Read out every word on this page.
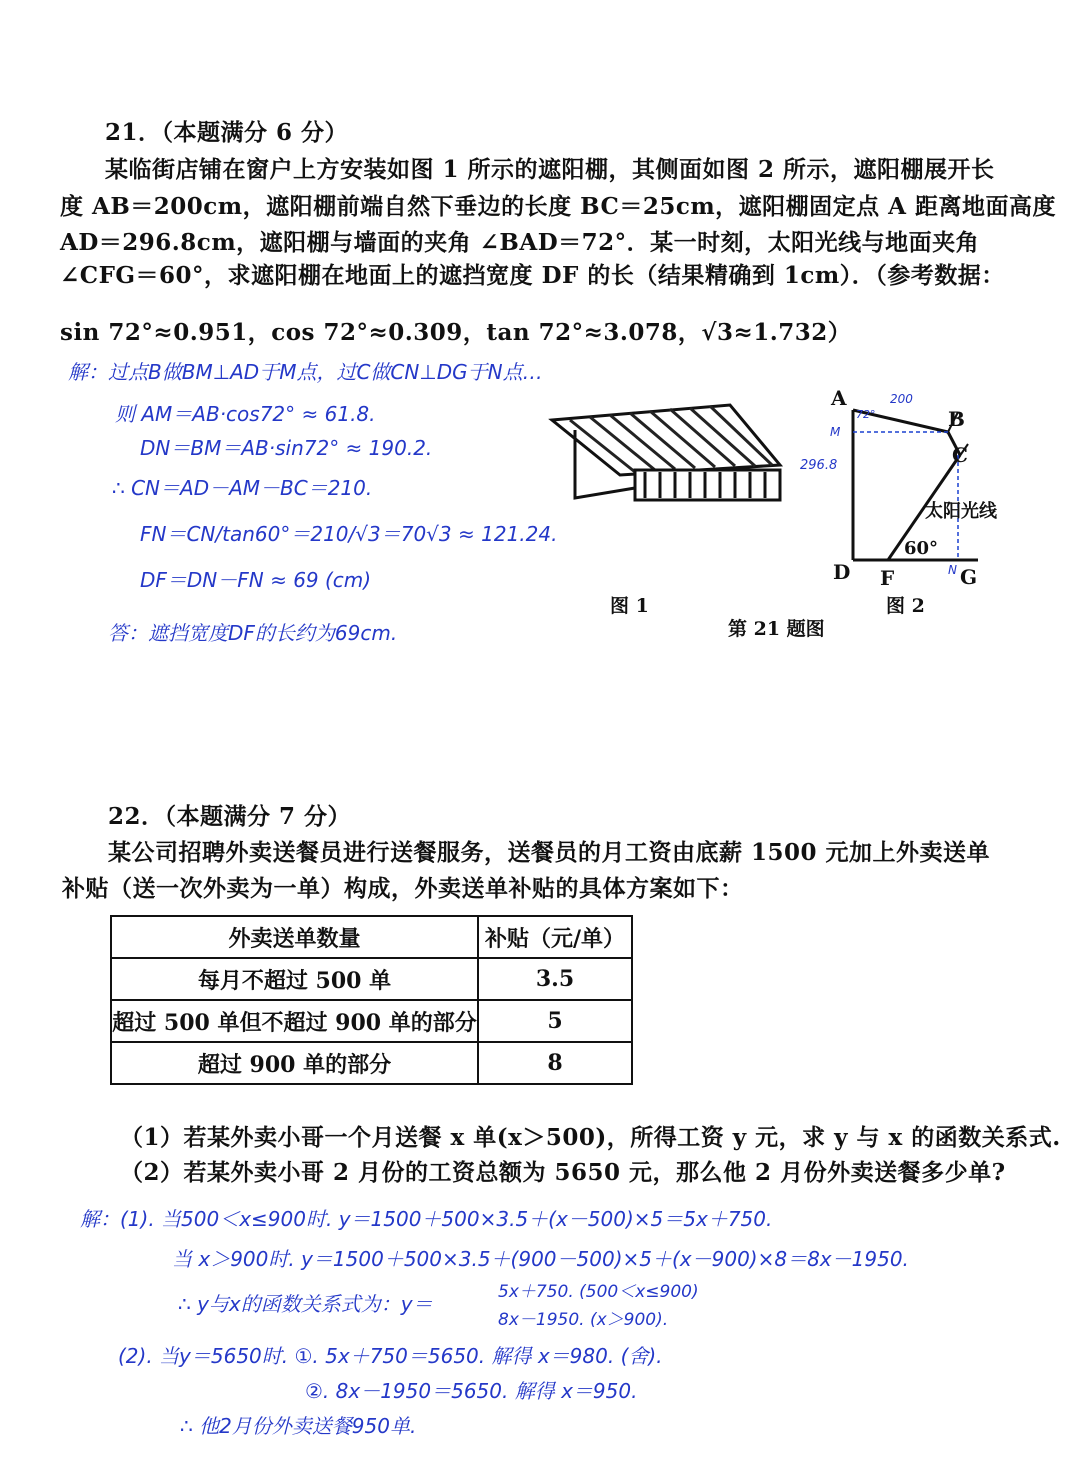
21．（本题满分 6 分）
某临街店铺在窗户上方安装如图 1 所示的遮阳棚，其侧面如图 2 所示，遮阳棚展开长
度 AB＝200cm，遮阳棚前端自然下垂边的长度 BC＝25cm，遮阳棚固定点 A 距离地面高度
AD＝296.8cm，遮阳棚与墙面的夹角 ∠BAD＝72°．某一时刻，太阳光线与地面夹角
∠CFG＝60°，求遮阳棚在地面上的遮挡宽度 DF 的长（结果精确到 1cm）．（参考数据：
sin 72°≈0.951，cos 72°≈0.309，tan 72°≈3.078，√3≈1.732）
解：过点B做BM⊥AD于M点，过C做CN⊥DG于N点…
则 AM＝AB·cos72° ≈ 61.8.
DN＝BM＝AB·sin72° ≈ 190.2.
∴ CN＝AD－AM－BC＝210.
FN＝CN/tan60°＝210/√3＝70√3 ≈ 121.24.
DF＝DN－FN ≈ 69 (cm)
答：遮挡宽度DF的长约为69cm.
图 1
A
B
C
D F	G
N
M
200
296.8
72°
60°
太阳光线
图 2
第 21 题图
22．（本题满分 7 分）
某公司招聘外卖送餐员进行送餐服务，送餐员的月工资由底薪 1500 元加上外卖送单
补贴（送一次外卖为一单）构成，外卖送单补贴的具体方案如下：
外卖送单数量	补贴（元/单）
每月不超过 500 单	3.5
超过 500 单但不超过 900 单的部分	5
超过 900 单的部分	8
（1）若某外卖小哥一个月送餐 x 单(x＞500)，所得工资 y 元，求 y 与 x 的函数关系式.
（2）若某外卖小哥 2 月份的工资总额为 5650 元，那么他 2 月份外卖送餐多少单?
解：(1). 当500＜x≤900时. y＝1500＋500×3.5＋(x－500)×5＝5x＋750.
当 x＞900时. y＝1500＋500×3.5＋(900－500)×5＋(x－900)×8＝8x－1950.
∴ y与x的函数关系式为：y＝	5x＋750. (500＜x≤900)
8x－1950. (x＞900).
(2). 当y＝5650时. ①. 5x＋750＝5650. 解得 x＝980. (舍).
②. 8x－1950＝5650. 解得 x＝950.
∴ 他2月份外卖送餐950单.
